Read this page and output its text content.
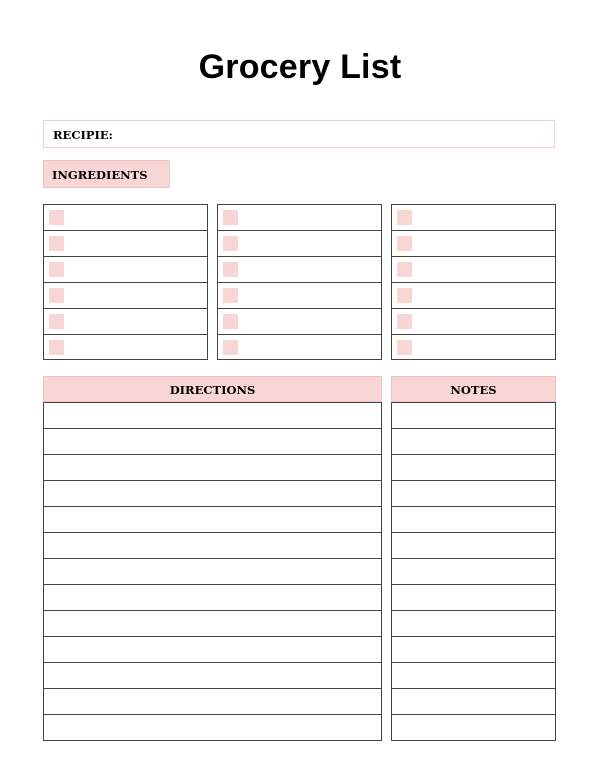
Grocery List
RECIPIE:
INGREDIENTS
DIRECTIONS	NOTES
